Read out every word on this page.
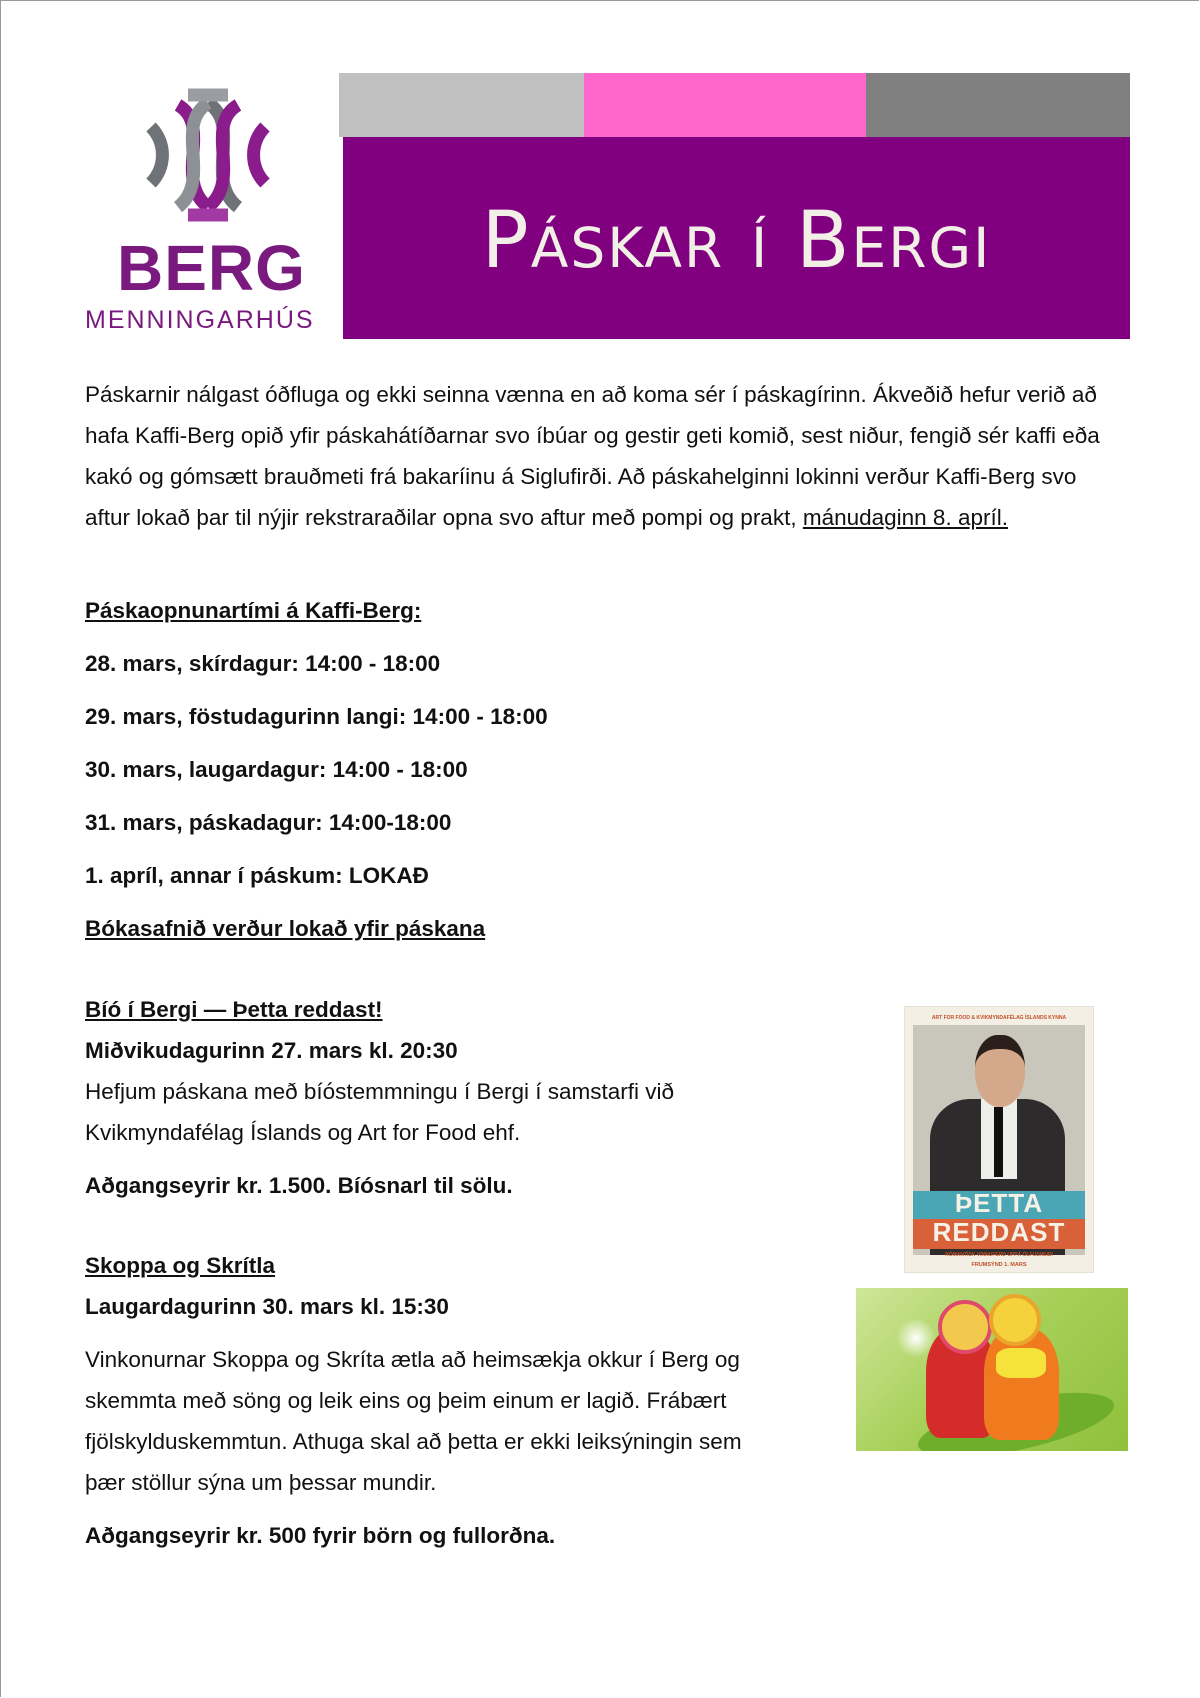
BERG
MENNINGARHÚS
Páskar í Bergi
Páskarnir nálgast óðfluga og ekki seinna vænna en að koma sér í páskagírinn. Ákveðið hefur verið að hafa Kaffi-Berg opið yfir páskahátíðarnar svo íbúar og gestir geti komið, sest niður, fengið sér kaffi eða kakó og gómsætt brauðmeti frá bakaríinu á Siglufirði. Að páskahelginni lokinni verður Kaffi-Berg svo aftur lokað þar til nýjir rekstraraðilar opna svo aftur með pompi og prakt, mánudaginn 8. apríl.
Páskaopnunartími á Kaffi-Berg:
28. mars, skírdagur: 14:00 - 18:00
29. mars, föstudagurinn langi: 14:00 - 18:00
30. mars, laugardagur: 14:00 - 18:00
31. mars, páskadagur: 14:00-18:00
1. apríl, annar í páskum: LOKAÐ
Bókasafnið verður lokað yfir páskana
Bíó í Bergi — Þetta reddast!
Miðvikudagurinn 27. mars kl. 20:30
Hefjum páskana með bíóstemmningu í Bergi í samstarfi við
Kvikmyndafélag Íslands og Art for Food ehf.
Aðgangseyrir kr. 1.500. Bíósnarl til sölu.
ART FOR FOOD & KVIKMYNDAFÉLAG ÍSLANDS KYNNA
ÞETTA
REDDAST
RÓMANTÍSK VINNUFERÐ UPPÁ ÖLFUSHEIÐI
FRUMSÝND 1. MARS
Skoppa og Skrítla
Laugardagurinn 30. mars kl. 15:30
Vinkonurnar Skoppa og Skríta ætla að heimsækja okkur í Berg og
skemmta með söng og leik eins og þeim einum er lagið. Frábært
fjölskylduskemmtun. Athuga skal að þetta er ekki leiksýningin sem
þær stöllur sýna um þessar mundir.
Aðgangseyrir kr. 500 fyrir börn og fullorðna.
